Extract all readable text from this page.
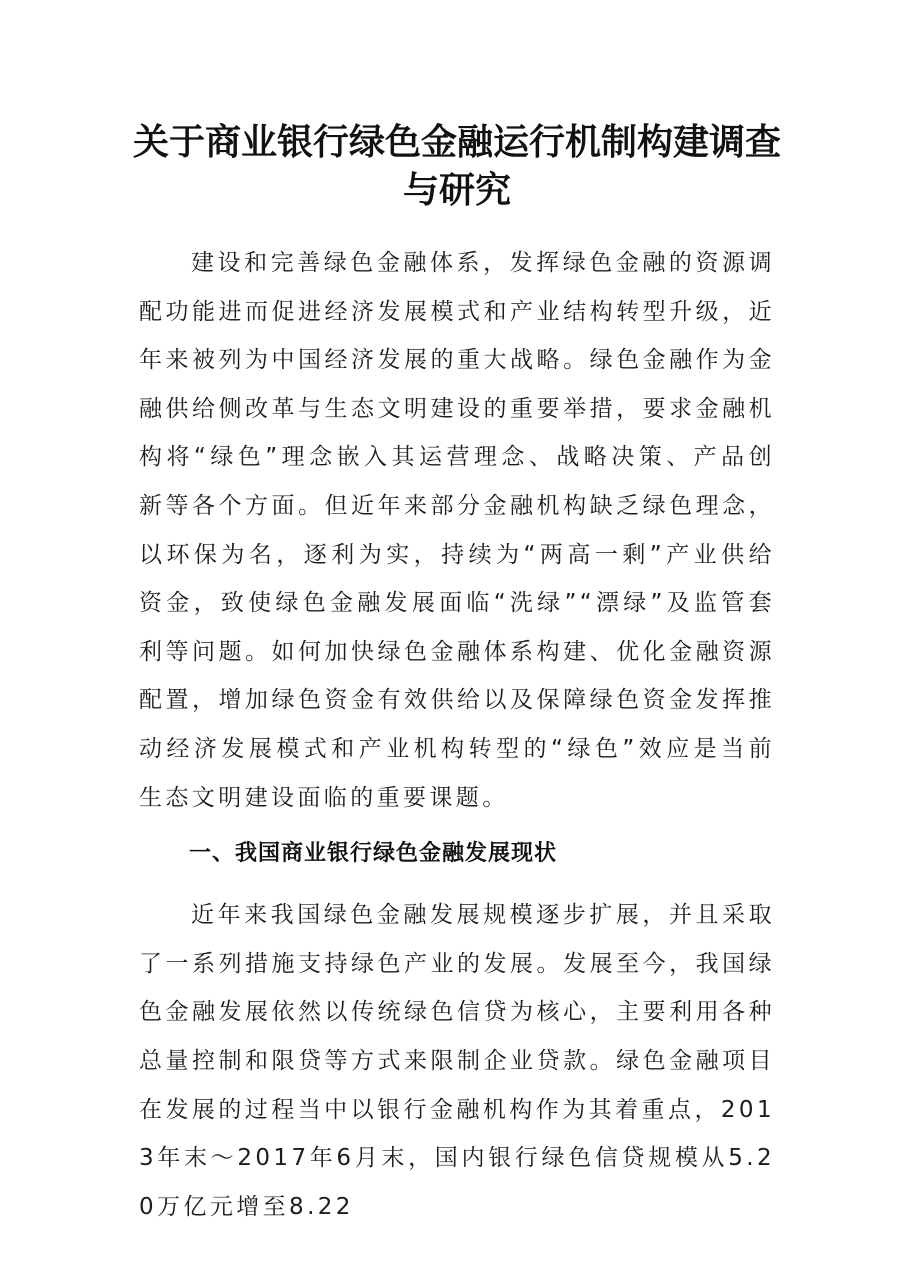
关于商业银行绿色金融运行机制构建调查与研究

建设和完善绿色金融体系，发挥绿色金融的资源调配功能进而促进经济发展模式和产业结构转型升级，近年来被列为中国经济发展的重大战略。绿色金融作为金融供给侧改革与生态文明建设的重要举措，要求金融机构将“绿色”理念嵌入其运营理念、战略决策、产品创新等各个方面。但近年来部分金融机构缺乏绿色理念，以环保为名，逐利为实，持续为“两高一剩”产业供给资金，致使绿色金融发展面临“洗绿”“漂绿”及监管套利等问题。如何加快绿色金融体系构建、优化金融资源配置，增加绿色资金有效供给以及保障绿色资金发挥推动经济发展模式和产业机构转型的“绿色”效应是当前生态文明建设面临的重要课题。

一、我国商业银行绿色金融发展现状

近年来我国绿色金融发展规模逐步扩展，并且采取了一系列措施支持绿色产业的发展。发展至今，我国绿色金融发展依然以传统绿色信贷为核心，主要利用各种总量控制和限贷等方式来限制企业贷款。绿色金融项目在发展的过程当中以银行金融机构作为其着重点，2013年末～2017年6月末，国内银行绿色信贷规模从5.20万亿元增至8.22
